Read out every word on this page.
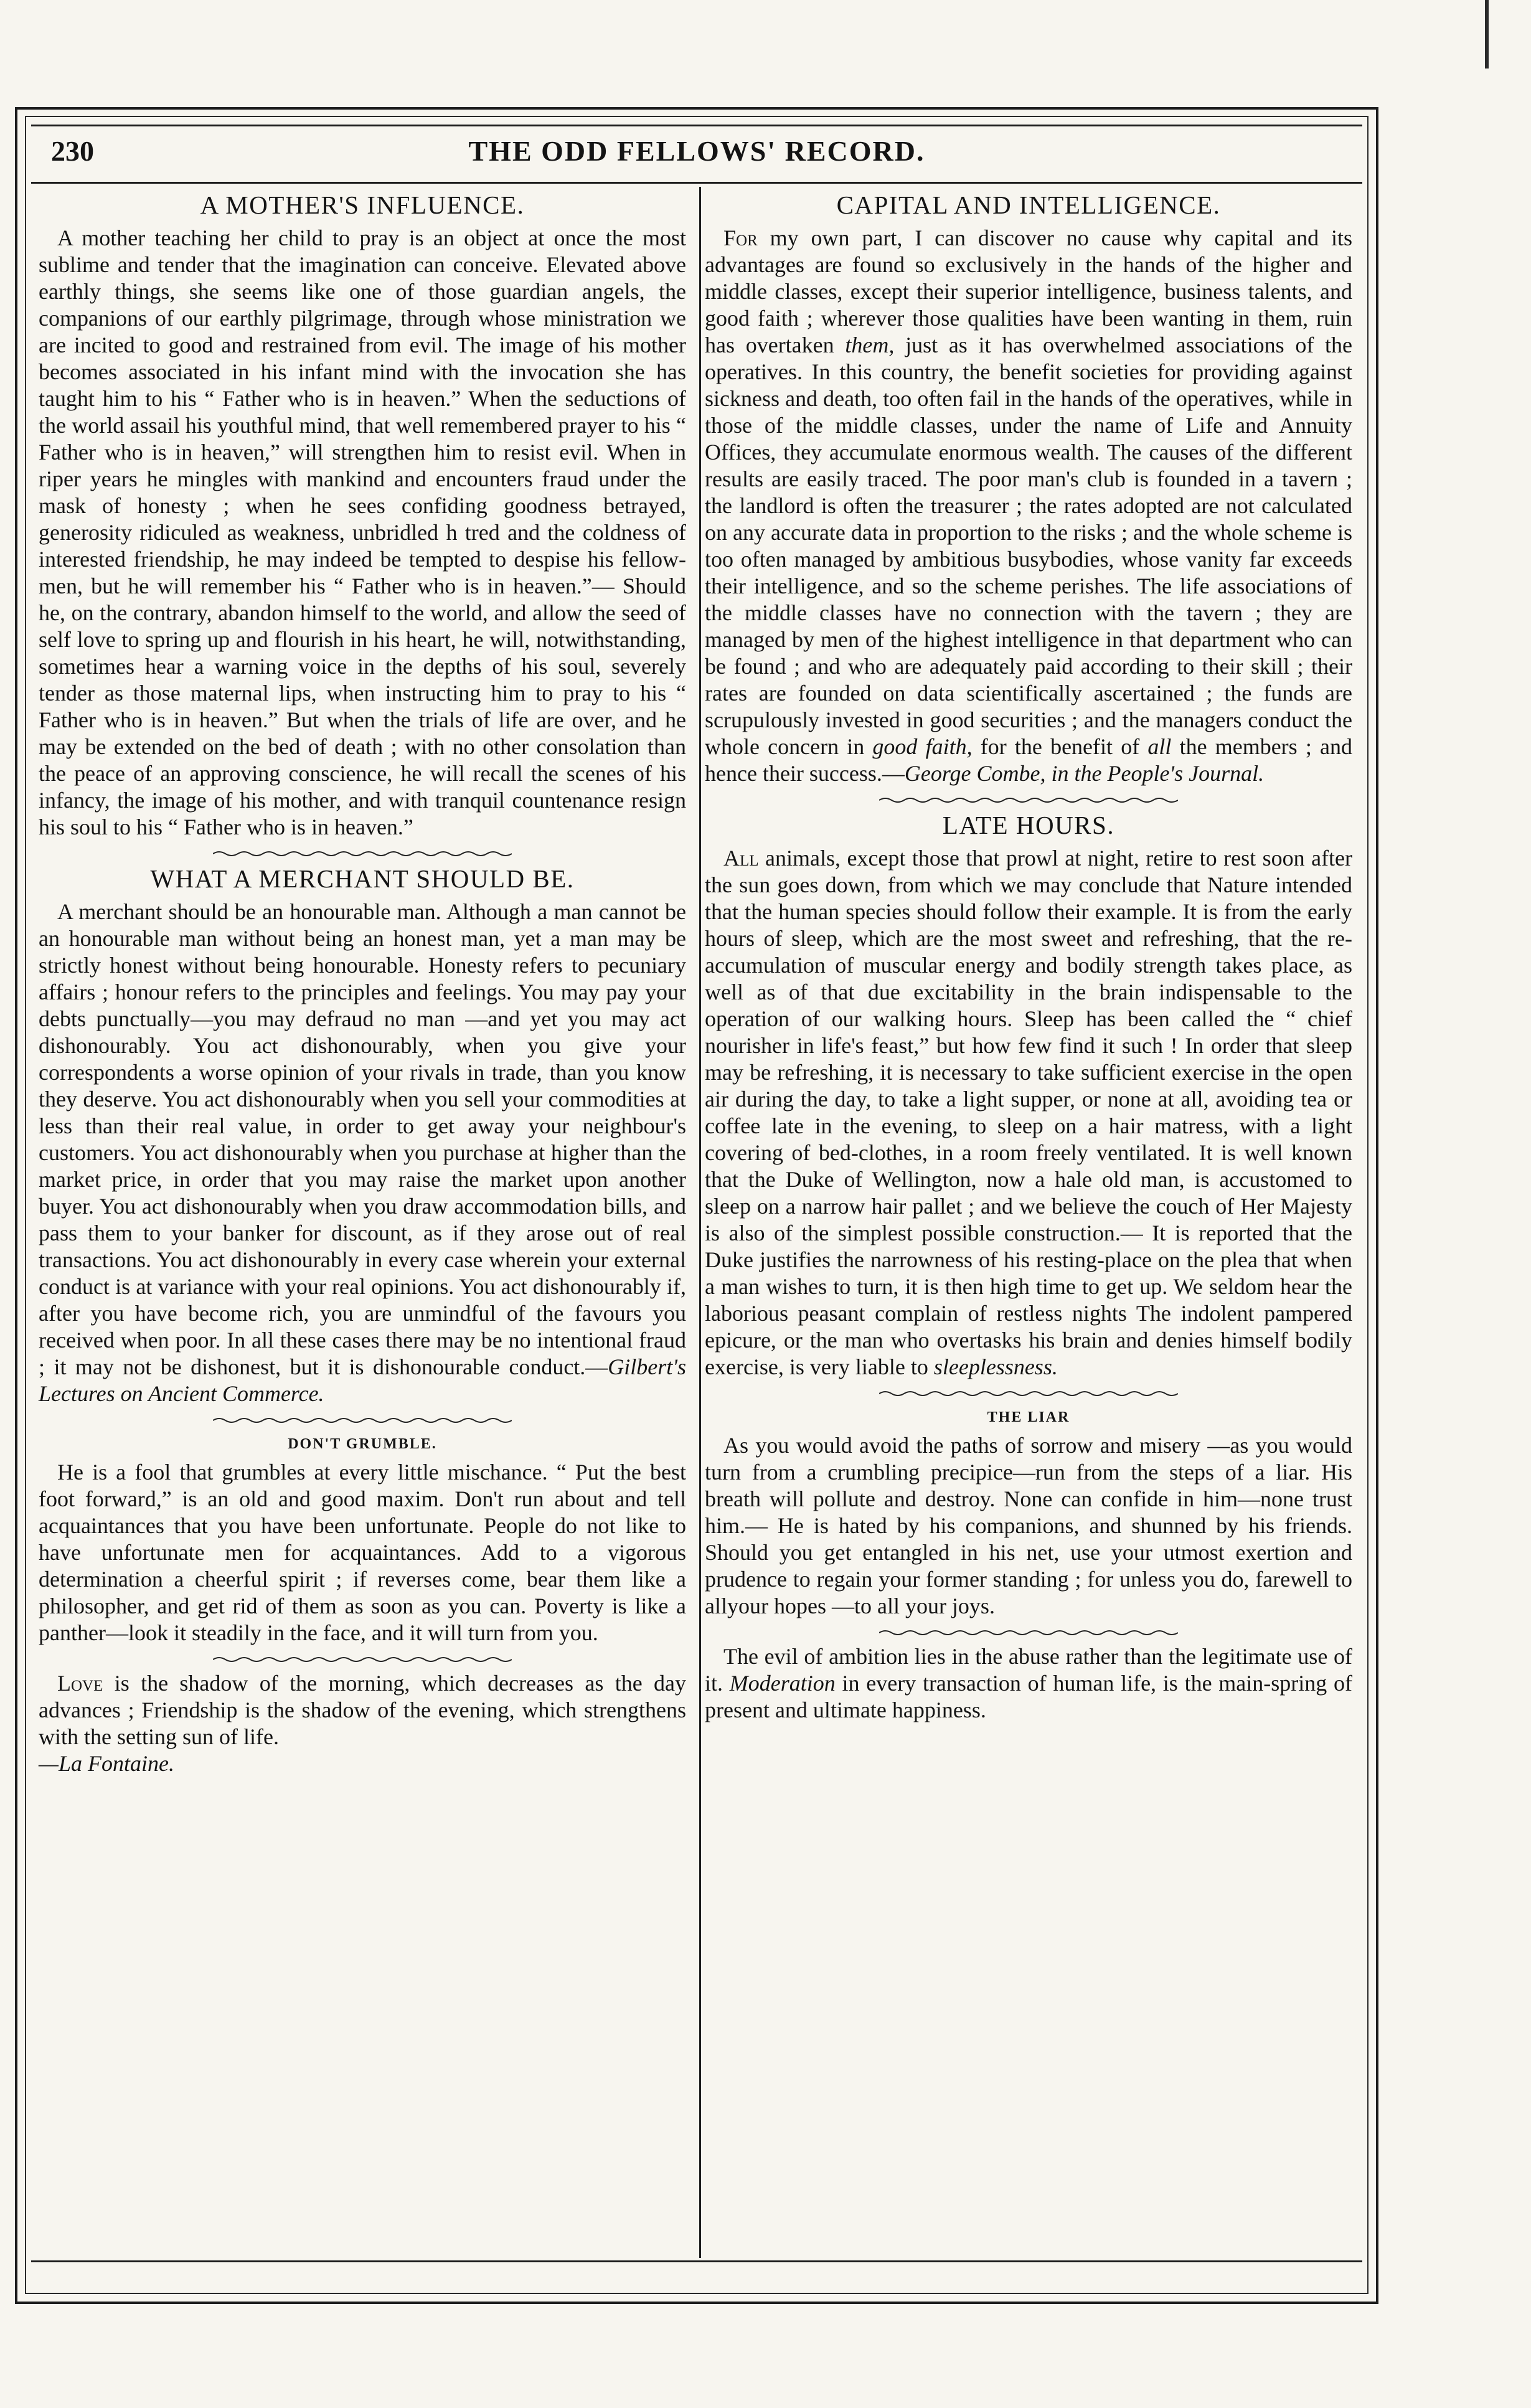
230	THE ODD FELLOWS' RECORD.
A MOTHER'S INFLUENCE.

A mother teaching her child to pray is an object at once the most sublime and tender that the imagination can conceive. Elevated above earthly things, she seems like one of those guardian angels, the companions of our earthly pilgrimage, through whose ministration we are incited to good and restrained from evil. The image of his mother becomes associated in his infant mind with the invocation she has taught him to his “ Father who is in heaven.” When the seductions of the world assail his youthful mind, that well remembered prayer to his “ Father who is in heaven,” will strengthen him to resist evil. When in riper years he mingles with mankind and encounters fraud under the mask of honesty ; when he sees confiding goodness betrayed, generosity ridiculed as weakness, unbridled h tred and the coldness of interested friendship, he may indeed be tempted to despise his fellow-men, but he will remember his “ Father who is in heaven.”— Should he, on the contrary, abandon himself to the world, and allow the seed of self love to spring up and flourish in his heart, he will, notwithstanding, sometimes hear a warning voice in the depths of his soul, severely tender as those maternal lips, when instructing him to pray to his “ Father who is in heaven.” But when the trials of life are over, and he may be extended on the bed of death ; with no other consolation than the peace of an approving conscience, he will recall the scenes of his infancy, the image of his mother, and with tranquil countenance resign his soul to his “ Father who is in heaven.”

WHAT A MERCHANT SHOULD BE.

A merchant should be an honourable man. Although a man cannot be an honourable man without being an honest man, yet a man may be strictly honest without being honourable. Honesty refers to pecuniary affairs ; honour refers to the principles and feelings. You may pay your debts punctually—you may defraud no man —and yet you may act dishonourably. You act dishonourably, when you give your correspondents a worse opinion of your rivals in trade, than you know they deserve. You act dishonourably when you sell your commodities at less than their real value, in order to get away your neighbour's customers. You act dishonourably when you purchase at higher than the market price, in order that you may raise the market upon another buyer. You act dishonourably when you draw accommodation bills, and pass them to your banker for discount, as if they arose out of real transactions. You act dishonourably in every case wherein your external conduct is at variance with your real opinions. You act dishonourably if, after you have become rich, you are unmindful of the favours you received when poor. In all these cases there may be no intentional fraud ; it may not be dishonest, but it is dishonourable conduct.—Gilbert's Lectures on Ancient Commerce.

DON'T GRUMBLE.

He is a fool that grumbles at every little mischance. “ Put the best foot forward,” is an old and good maxim. Don't run about and tell acquaintances that you have been unfortunate. People do not like to have unfortunate men for acquaintances. Add to a vigorous determination a cheerful spirit ; if reverses come, bear them like a philosopher, and get rid of them as soon as you can. Poverty is like a panther—look it steadily in the face, and it will turn from you.

Love is the shadow of the morning, which decreases as the day advances ; Friendship is the shadow of the evening, which strengthens with the setting sun of life.
—La Fontaine.

CAPITAL AND INTELLIGENCE.

For my own part, I can discover no cause why capital and its advantages are found so exclusively in the hands of the higher and middle classes, except their superior intelligence, business talents, and good faith ; wherever those qualities have been wanting in them, ruin has overtaken them, just as it has overwhelmed associations of the operatives. In this country, the benefit societies for providing against sickness and death, too often fail in the hands of the operatives, while in those of the middle classes, under the name of Life and Annuity Offices, they accumulate enormous wealth. The causes of the different results are easily traced. The poor man's club is founded in a tavern ; the landlord is often the treasurer ; the rates adopted are not calculated on any accurate data in proportion to the risks ; and the whole scheme is too often managed by ambitious busybodies, whose vanity far exceeds their intelligence, and so the scheme perishes. The life associations of the middle classes have no connection with the tavern ; they are managed by men of the highest intelligence in that department who can be found ; and who are adequately paid according to their skill ; their rates are founded on data scientifically ascertained ; the funds are scrupulously invested in good securities ; and the managers conduct the whole concern in good faith, for the benefit of all the members ; and hence their success.—George Combe, in the People's Journal.

LATE HOURS.

All animals, except those that prowl at night, retire to rest soon after the sun goes down, from which we may conclude that Nature intended that the human species should follow their example. It is from the early hours of sleep, which are the most sweet and refreshing, that the re-accumulation of muscular energy and bodily strength takes place, as well as of that due excitability in the brain indispensable to the operation of our walking hours. Sleep has been called the “ chief nourisher in life's feast,” but how few find it such ! In order that sleep may be refreshing, it is necessary to take sufficient exercise in the open air during the day, to take a light supper, or none at all, avoiding tea or coffee late in the evening, to sleep on a hair matress, with a light covering of bed-clothes, in a room freely ventilated. It is well known that the Duke of Wellington, now a hale old man, is accustomed to sleep on a narrow hair pallet ; and we believe the couch of Her Majesty is also of the simplest possible construction.— It is reported that the Duke justifies the narrowness of his resting-place on the plea that when a man wishes to turn, it is then high time to get up. We seldom hear the laborious peasant complain of restless nights The indolent pampered epicure, or the man who overtasks his brain and denies himself bodily exercise, is very liable to sleeplessness.

THE LIAR

As you would avoid the paths of sorrow and misery —as you would turn from a crumbling precipice—run from the steps of a liar. His breath will pollute and destroy. None can confide in him—none trust him.— He is hated by his companions, and shunned by his friends. Should you get entangled in his net, use your utmost exertion and prudence to regain your former standing ; for unless you do, farewell to allyour hopes —to all your joys.

The evil of ambition lies in the abuse rather than the legitimate use of it. Moderation in every transaction of human life, is the main-spring of present and ultimate happiness.
